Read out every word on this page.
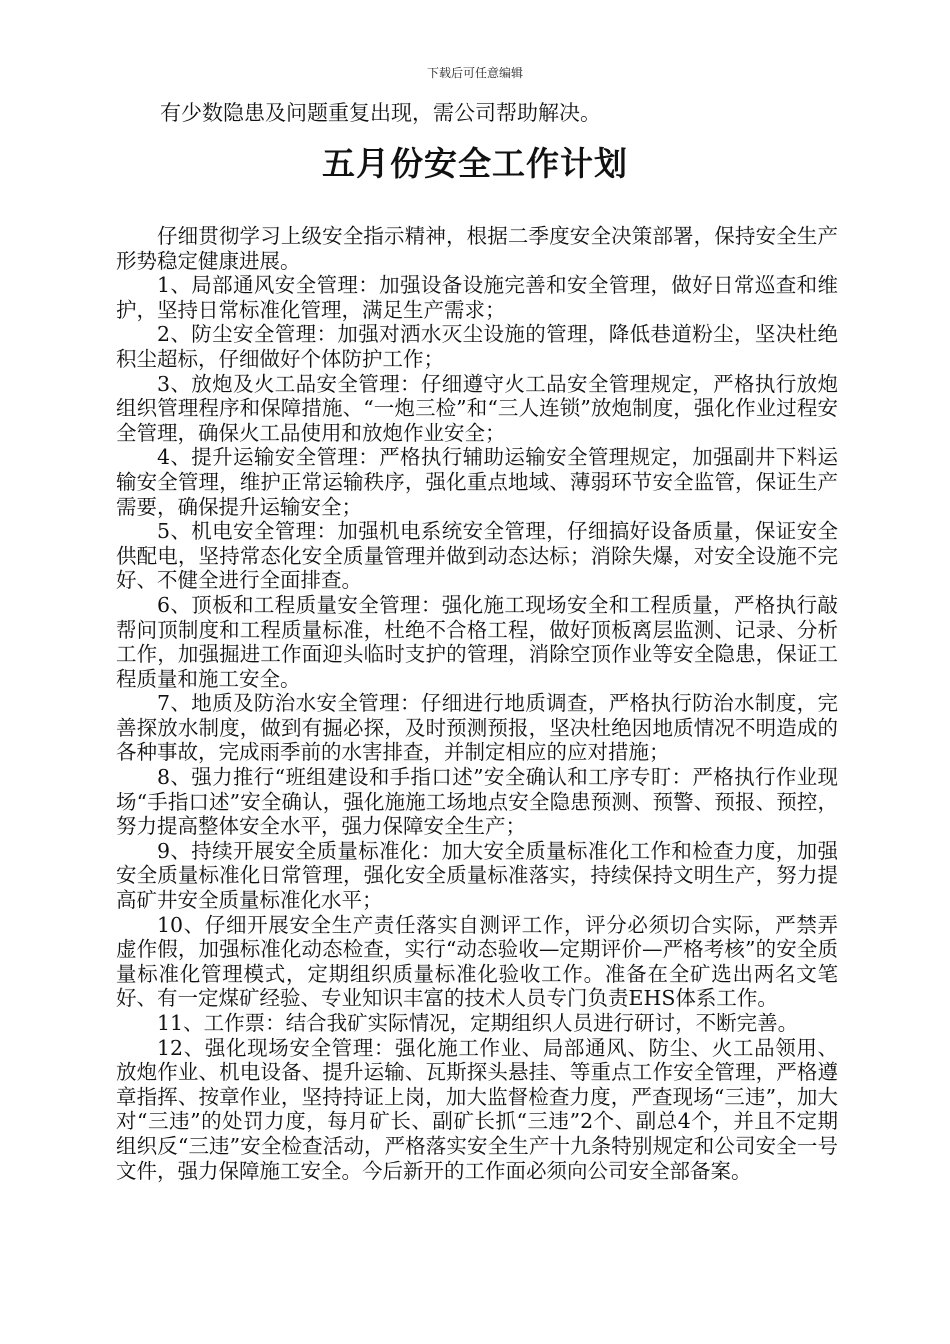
下载后可任意编辑
有少数隐患及问题重复出现，需公司帮助解决。
五月份安全工作计划

仔细贯彻学习上级安全指示精神，根据二季度安全决策部署，保持安全生产形势稳定健康进展。

1、局部通风安全管理：加强设备设施完善和安全管理，做好日常巡查和维护，坚持日常标准化管理，满足生产需求；

2、防尘安全管理：加强对洒水灭尘设施的管理，降低巷道粉尘，坚决杜绝积尘超标，仔细做好个体防护工作；

3、放炮及火工品安全管理：仔细遵守火工品安全管理规定，严格执行放炮组织管理程序和保障措施、“一炮三检”和“三人连锁”放炮制度，强化作业过程安全管理，确保火工品使用和放炮作业安全；

4、提升运输安全管理：严格执行辅助运输安全管理规定，加强副井下料运输安全管理，维护正常运输秩序，强化重点地域、薄弱环节安全监管，保证生产需要，确保提升运输安全；

5、机电安全管理：加强机电系统安全管理，仔细搞好设备质量，保证安全供配电，坚持常态化安全质量管理并做到动态达标；消除失爆，对安全设施不完好、不健全进行全面排查。

6、顶板和工程质量安全管理：强化施工现场安全和工程质量，严格执行敲帮问顶制度和工程质量标准，杜绝不合格工程，做好顶板离层监测、记录、分析工作，加强掘进工作面迎头临时支护的管理，消除空顶作业等安全隐患，保证工程质量和施工安全。

7、地质及防治水安全管理：仔细进行地质调查，严格执行防治水制度，完善探放水制度，做到有掘必探，及时预测预报，坚决杜绝因地质情况不明造成的各种事故，完成雨季前的水害排查，并制定相应的应对措施；

8、强力推行“班组建设和手指口述”安全确认和工序专盯：严格执行作业现场“手指口述”安全确认，强化施施工场地点安全隐患预测、预警、预报、预控，努力提高整体安全水平，强力保障安全生产；

9、持续开展安全质量标准化：加大安全质量标准化工作和检查力度，加强安全质量标准化日常管理，强化安全质量标准落实，持续保持文明生产，努力提高矿井安全质量标准化水平；

10、仔细开展安全生产责任落实自测评工作，评分必须切合实际，严禁弄虚作假，加强标准化动态检查，实行“动态验收—定期评价—严格考核”的安全质量标准化管理模式，定期组织质量标准化验收工作。准备在全矿选出两名文笔好、有一定煤矿经验、专业知识丰富的技术人员专门负责EHS体系工作。

11、工作票：结合我矿实际情况，定期组织人员进行研讨，不断完善。

12、强化现场安全管理：强化施工作业、局部通风、防尘、火工品领用、放炮作业、机电设备、提升运输、瓦斯探头悬挂、等重点工作安全管理，严格遵章指挥、按章作业，坚持持证上岗，加大监督检查力度，严查现场“三违”，加大对“三违”的处罚力度，每月矿长、副矿长抓“三违”2个、副总4个，并且不定期组织反“三违”安全检查活动，严格落实安全生产十九条特别规定和公司安全一号文件，强力保障施工安全。今后新开的工作面必须向公司安全部备案。
